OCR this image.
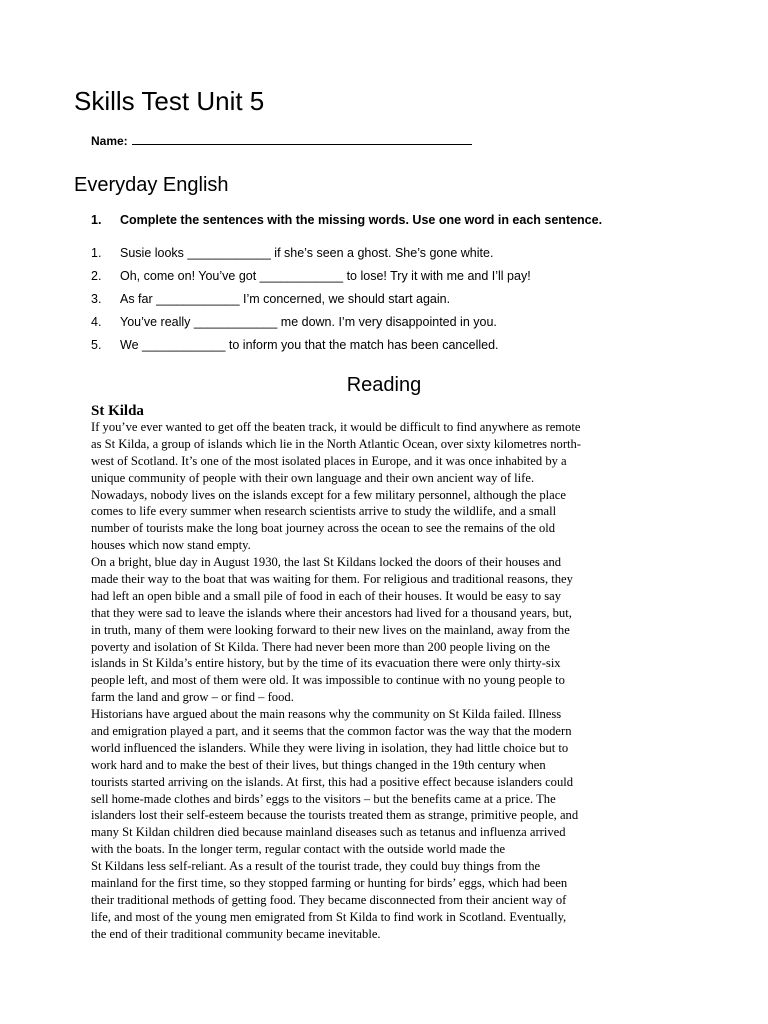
Skills Test Unit 5
Name:
Everyday English
1. Complete the sentences with the missing words. Use one word in each sentence.
1. Susie looks ____________ if she’s seen a ghost. She’s gone white.
2. Oh, come on! You’ve got ____________ to lose! Try it with me and I’ll pay!
3. As far ____________ I’m concerned, we should start again.
4. You’ve really ____________ me down. I’m very disappointed in you.
5. We ____________ to inform you that the match has been cancelled.
Reading
St Kilda
If you’ve ever wanted to get off the beaten track, it would be difficult to find anywhere as remote
as St Kilda, a group of islands which lie in the North Atlantic Ocean, over sixty kilometres north-
west of Scotland. It’s one of the most isolated places in Europe, and it was once inhabited by a
unique community of people with their own language and their own ancient way of life.
Nowadays, nobody lives on the islands except for a few military personnel, although the place
comes to life every summer when research scientists arrive to study the wildlife, and a small
number of tourists make the long boat journey across the ocean to see the remains of the old
houses which now stand empty.
On a bright, blue day in August 1930, the last St Kildans locked the doors of their houses and
made their way to the boat that was waiting for them. For religious and traditional reasons, they
had left an open bible and a small pile of food in each of their houses. It would be easy to say
that they were sad to leave the islands where their ancestors had lived for a thousand years, but,
in truth, many of them were looking forward to their new lives on the mainland, away from the
poverty and isolation of St Kilda. There had never been more than 200 people living on the
islands in St Kilda’s entire history, but by the time of its evacuation there were only thirty-six
people left, and most of them were old. It was impossible to continue with no young people to
farm the land and grow – or find – food.
Historians have argued about the main reasons why the community on St Kilda failed. Illness
and emigration played a part, and it seems that the common factor was the way that the modern
world influenced the islanders. While they were living in isolation, they had little choice but to
work hard and to make the best of their lives, but things changed in the 19th century when
tourists started arriving on the islands. At first, this had a positive effect because islanders could
sell home-made clothes and birds’ eggs to the visitors – but the benefits came at a price. The
islanders lost their self-esteem because the tourists treated them as strange, primitive people, and
many St Kildan children died because mainland diseases such as tetanus and influenza arrived
with the boats. In the longer term, regular contact with the outside world made the
St Kildans less self-reliant. As a result of the tourist trade, they could buy things from the
mainland for the first time, so they stopped farming or hunting for birds’ eggs, which had been
their traditional methods of getting food. They became disconnected from their ancient way of
life, and most of the young men emigrated from St Kilda to find work in Scotland. Eventually,
the end of their traditional community became inevitable.
